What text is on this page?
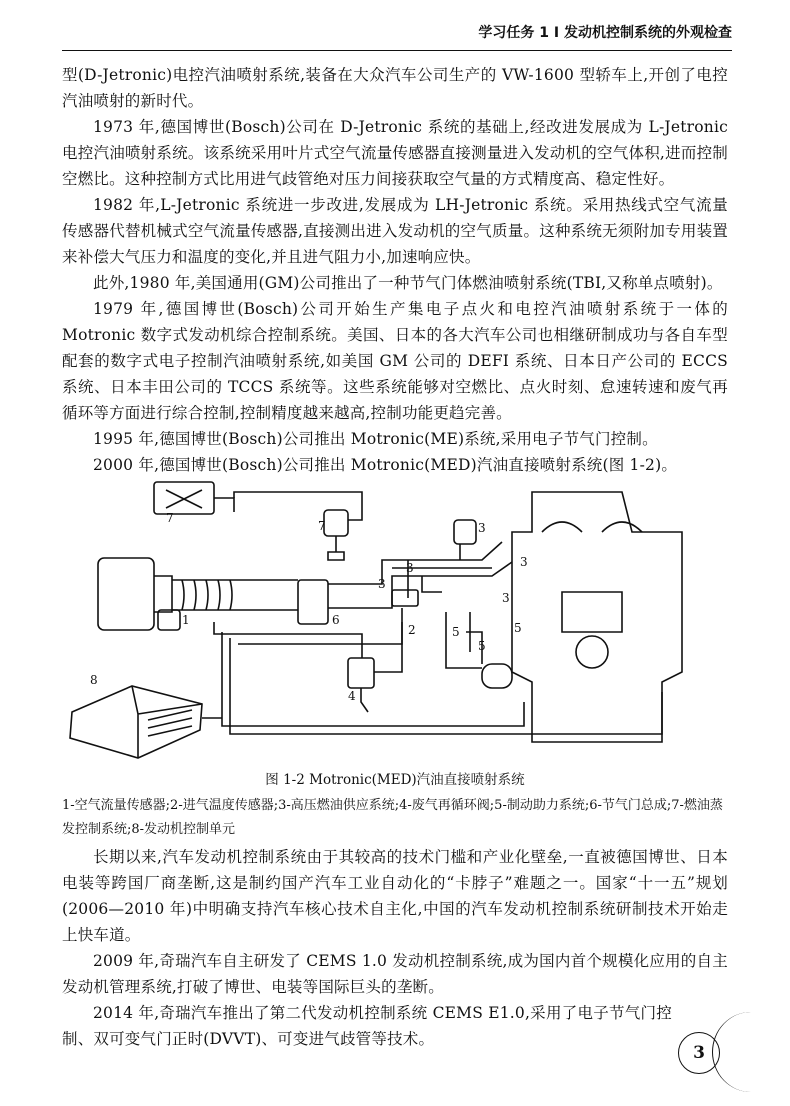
学习任务 1 Ⅰ 发动机控制系统的外观检查

型(D-Jetronic)电控汽油喷射系统,装备在大众汽车公司生产的 VW-1600 型轿车上,开创了电控汽油喷射的新时代。

1973 年,德国博世(Bosch)公司在 D-Jetronic 系统的基础上,经改进发展成为 L-Jetronic 电控汽油喷射系统。该系统采用叶片式空气流量传感器直接测量进入发动机的空气体积,进而控制空燃比。这种控制方式比用进气歧管绝对压力间接获取空气量的方式精度高、稳定性好。

1982 年,L-Jetronic 系统进一步改进,发展成为 LH-Jetronic 系统。采用热线式空气流量传感器代替机械式空气流量传感器,直接测出进入发动机的空气质量。这种系统无须附加专用装置来补偿大气压力和温度的变化,并且进气阻力小,加速响应快。

此外,1980 年,美国通用(GM)公司推出了一种节气门体燃油喷射系统(TBI,又称单点喷射)。

1979 年,德国博世(Bosch)公司开始生产集电子点火和电控汽油喷射系统于一体的 Motronic 数字式发动机综合控制系统。美国、日本的各大汽车公司也相继研制成功与各自车型配套的数字式电子控制汽油喷射系统,如美国 GM 公司的 DEFI 系统、日本日产公司的 ECCS 系统、日本丰田公司的 TCCS 系统等。这些系统能够对空燃比、点火时刻、怠速转速和废气再循环等方面进行综合控制,控制精度越来越高,控制功能更趋完善。

1995 年,德国博世(Bosch)公司推出 Motronic(ME)系统,采用电子节气门控制。

2000 年,德国博世(Bosch)公司推出 Motronic(MED)汽油直接喷射系统(图 1-2)。

7
7	3
3
3
3
3
1	6
2	5
5
5
4
8
图 1-2 Motronic(MED)汽油直接喷射系统

1-空气流量传感器;2-进气温度传感器;3-高压燃油供应系统;4-废气再循环阀;5-制动助力系统;6-节气门总成;7-燃油蒸发控制系统;8-发动机控制单元

长期以来,汽车发动机控制系统由于其较高的技术门槛和产业化壁垒,一直被德国博世、日本电装等跨国厂商垄断,这是制约国产汽车工业自动化的“卡脖子”难题之一。国家“十一五”规划(2006—2010 年)中明确支持汽车核心技术自主化,中国的汽车发动机控制系统研制技术开始走上快车道。

2009 年,奇瑞汽车自主研发了 CEMS 1.0 发动机控制系统,成为国内首个规模化应用的自主发动机管理系统,打破了博世、电装等国际巨头的垄断。

2014 年,奇瑞汽车推出了第二代发动机控制系统 CEMS E1.0,采用了电子节气门控制、双可变气门正时(DVVT)、可变进气歧管等技术。

3
